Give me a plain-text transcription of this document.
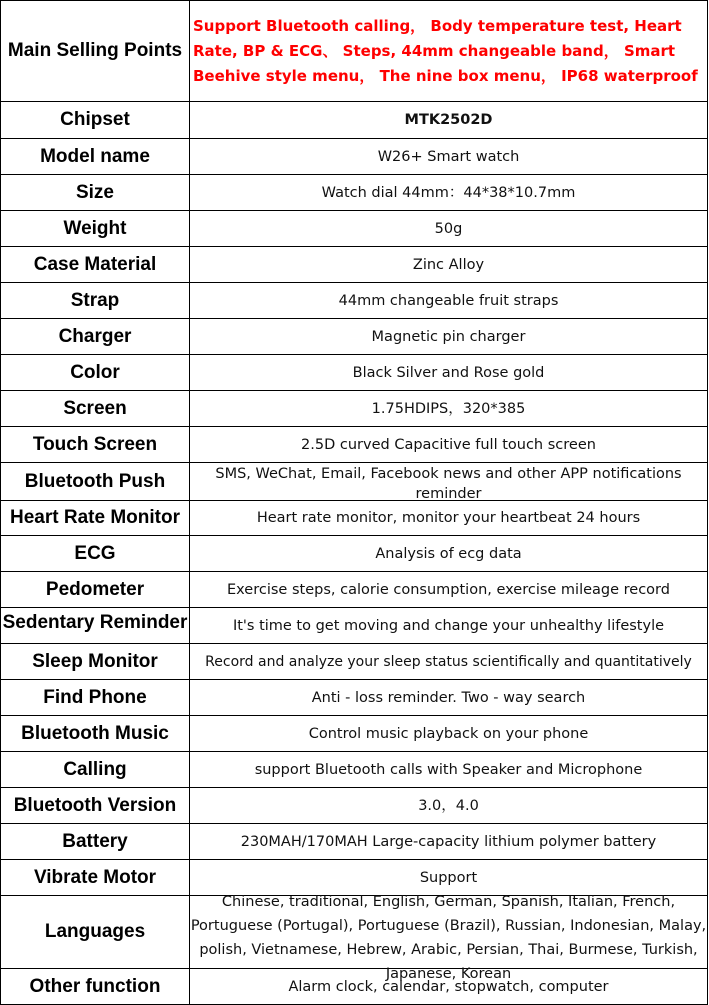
Main Selling Points	Support Bluetooth calling， Body temperature test, Heart Rate, BP & ECG、 Steps, 44mm changeable band， Smart Beehive style menu， The nine box menu， IP68 waterproof

Chipset	MTK2502D
Model name	W26+ Smart watch
Size	Watch dial 44mm：44*38*10.7mm
Weight	50g
Case Material	Zinc Alloy
Strap	44mm changeable fruit straps
Charger	Magnetic pin charger
Color	Black Silver and Rose gold
Screen	1.75HDIPS，320*385
Touch Screen	2.5D curved Capacitive full touch screen
Bluetooth Push	SMS, WeChat, Email, Facebook news and other APP notifications reminder

Heart Rate Monitor	Heart rate monitor, monitor your heartbeat 24 hours
ECG	Analysis of ecg data
Pedometer	Exercise steps, calorie consumption, exercise mileage record

Sedentary Reminder	It's time to get moving and change your unhealthy lifestyle
Sleep Monitor	Record and analyze your sleep status scientifically and quantitatively
Find Phone	Anti - loss reminder. Two - way search
Bluetooth Music	Control music playback on your phone
Calling	support Bluetooth calls with Speaker and Microphone
Bluetooth Version	3.0，4.0
Battery	230MAH/170MAH Large-capacity lithium polymer battery
Vibrate Motor	Support
Languages	Chinese, traditional, English, German, Spanish, Italian, French, Portuguese (Portugal), Portuguese (Brazil), Russian, Indonesian, Malay, polish, Vietnamese, Hebrew, Arabic, Persian, Thai, Burmese, Turkish, Japanese, Korean

Other function	Alarm clock, calendar, stopwatch, computer
